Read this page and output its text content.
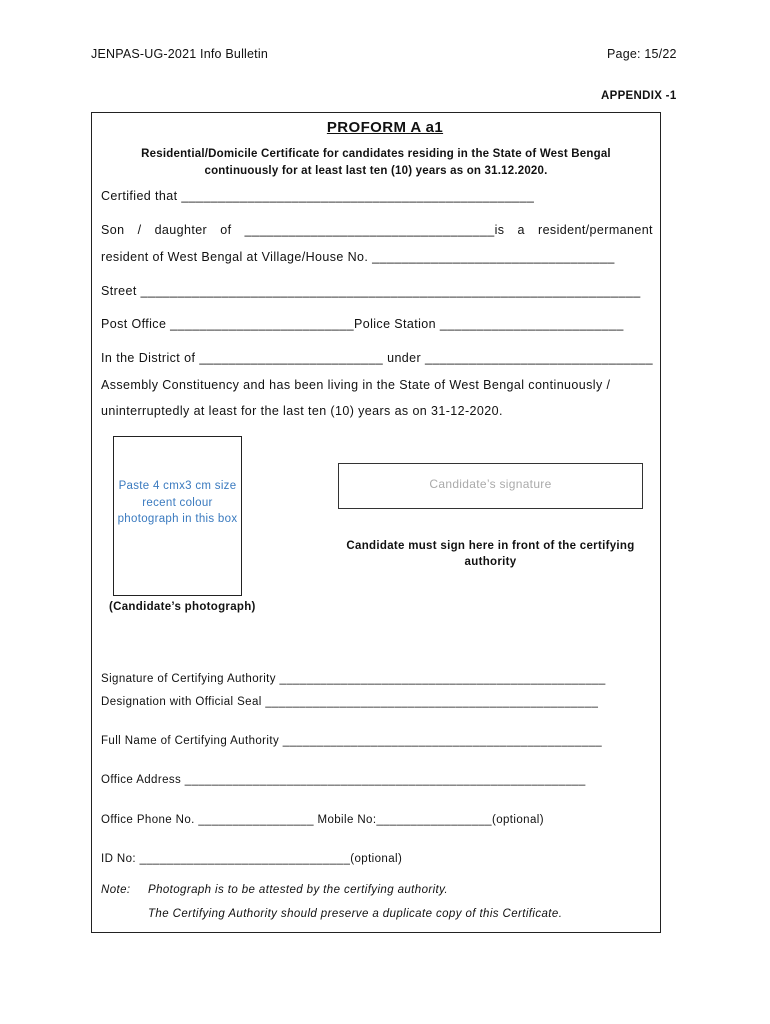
JENPAS-UG-2021 Info Bulletin	Page: 15/22
APPENDIX -1
PROFORM A a1
Residential/Domicile Certificate for candidates residing in the State of West Bengal
continuously for at least last ten (10) years as on 31.12.2020.
Certified that ________________________________________________
Son / daughter of __________________________________is a resident/permanent
resident of West Bengal at Village/House No. _________________________________
Street ____________________________________________________________________
Post Office _________________________Police Station _________________________
In the District of _________________________ under _______________________________
Assembly Constituency and has been living in the State of West Bengal continuously /
uninterruptedly at least for the last ten (10) years as on 31-12-2020.
Paste 4 cmx3 cm size recent colour photograph in this box
(Candidate’s photograph)
Candidate’s signature
Candidate must sign here in front of the certifying authority
Signature of Certifying Authority ________________________________________________
Designation with Official Seal _________________________________________________
Full Name of Certifying Authority _______________________________________________
Office Address ___________________________________________________________
Office Phone No. _________________ Mobile No:_________________(optional)
ID No: _______________________________(optional)
Note: Photograph is to be attested by the certifying authority.
The Certifying Authority should preserve a duplicate copy of this Certificate.
